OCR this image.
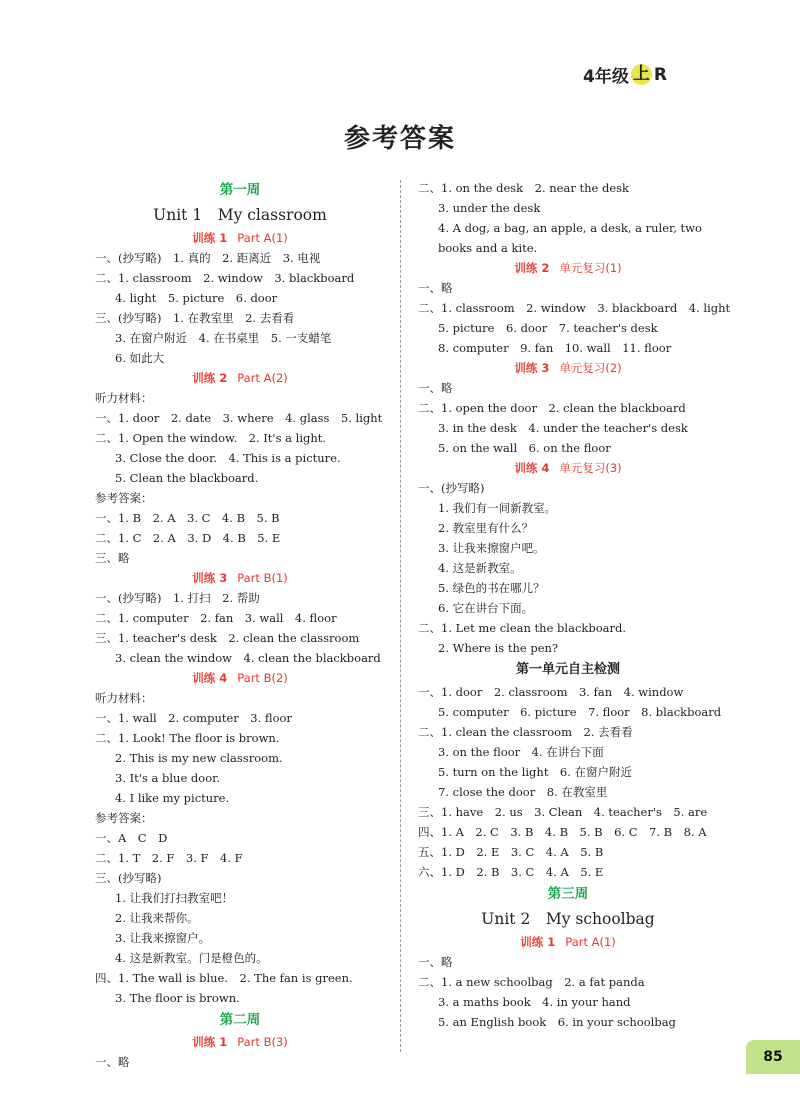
4年级 上 R
参考答案
第一周
Unit 1　My classroom
训练 1 Part A(1)
一、(抄写略)　1. 真的　2. 距离近　3. 电视
二、1. classroom　2. window　3. blackboard
4. light　5. picture　6. door
三、(抄写略)　1. 在教室里　2. 去看看
3. 在窗户附近　4. 在书桌里　5. 一支蜡笔
6. 如此大
训练 2 Part A(2)
听力材料：
一、1. door　2. date　3. where　4. glass　5. light
二、1. Open the window.　2. It's a light.
3. Close the door.　4. This is a picture.
5. Clean the blackboard.
参考答案：
一、1. B　2. A　3. C　4. B　5. B
二、1. C　2. A　3. D　4. B　5. E
三、略
训练 3 Part B(1)
一、(抄写略)　1. 打扫　2. 帮助
二、1. computer　2. fan　3. wall　4. floor
三、1. teacher's desk　2. clean the classroom
3. clean the window　4. clean the blackboard
训练 4 Part B(2)
听力材料：
一、1. wall　2. computer　3. floor
二、1. Look! The floor is brown.
2. This is my new classroom.
3. It's a blue door.
4. I like my picture.
参考答案：
一、A　C　D
二、1. T　2. F　3. F　4. F
三、(抄写略)
1. 让我们打扫教室吧！
2. 让我来帮你。
3. 让我来擦窗户。
4. 这是新教室。门是橙色的。
四、1. The wall is blue.　2. The fan is green.
3. The floor is brown.
第二周
训练 1 Part B(3)
一、略
二、1. on the desk　2. near the desk
3. under the desk
4. A dog, a bag, an apple, a desk, a ruler, two
books and a kite.
训练 2 单元复习(1)
一、略
二、1. classroom　2. window　3. blackboard　4. light
5. picture　6. door　7. teacher's desk
8. computer　9. fan　10. wall　11. floor
训练 3 单元复习(2)
一、略
二、1. open the door　2. clean the blackboard
3. in the desk　4. under the teacher's desk
5. on the wall　6. on the floor
训练 4 单元复习(3)
一、(抄写略)
1. 我们有一间新教室。
2. 教室里有什么？
3. 让我来擦窗户吧。
4. 这是新教室。
5. 绿色的书在哪儿？
6. 它在讲台下面。
二、1. Let me clean the blackboard.
2. Where is the pen?
第一单元自主检测
一、1. door　2. classroom　3. fan　4. window
5. computer　6. picture　7. floor　8. blackboard
二、1. clean the classroom　2. 去看看
3. on the floor　4. 在讲台下面
5. turn on the light　6. 在窗户附近
7. close the door　8. 在教室里
三、1. have　2. us　3. Clean　4. teacher's　5. are
四、1. A　2. C　3. B　4. B　5. B　6. C　7. B　8. A
五、1. D　2. E　3. C　4. A　5. B
六、1. D　2. B　3. C　4. A　5. E
第三周
Unit 2　My schoolbag
训练 1 Part A(1)
一、略
二、1. a new schoolbag　2. a fat panda
3. a maths book　4. in your hand
5. an English book　6. in your schoolbag
85
